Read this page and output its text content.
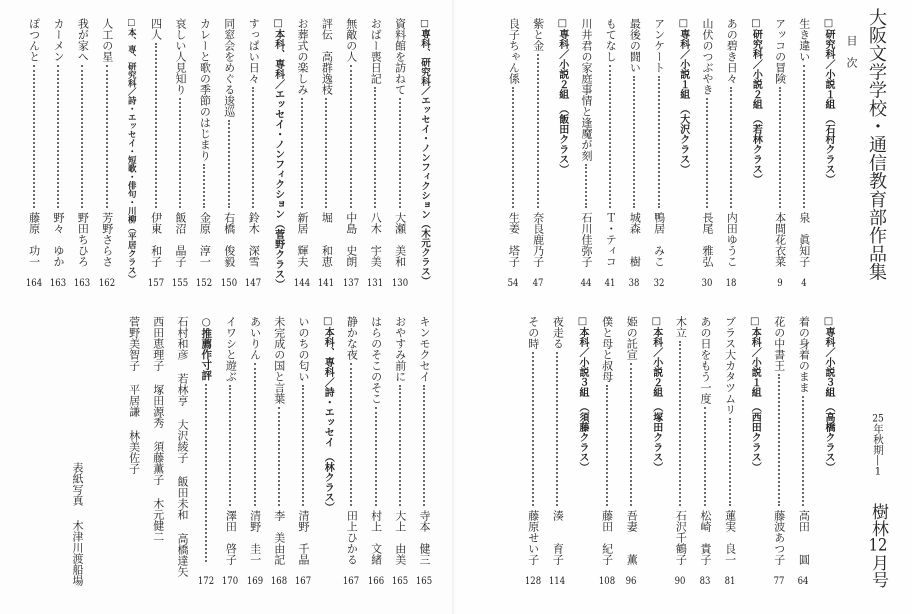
大阪文学学校・通信教育部作品集
目　次
25年秋期―1
樹林12月号
表紙写真木津川渡船場
□研究科／小説１組　（石村クラス）
生き違い
泉　眞知子
4
アッコの冒険
本間花衣菜
9
□研究科／小説２組　（若林クラス）
あの碧き日々
内田ゆうこ
18
山伏のつぶやき
長尾　雅弘
30
□専科／小説１組　（大沢クラス）
アンケート
鴨居　みこ
32
最後の闘い
城森　　樹
38
もてなし
Ｔ・ティコ
41
川井君の家庭事情と逢魔が刻
石川佳弥子
44
□専科／小説２組　（飯田クラス）
紫と金
奈良鹿乃子
47
良子ちゃん係
生姜　塔子
54
□専科／小説３組　（高橋クラス）
着の身着のまま
高田　　圓
64
花の中書王
藤波あつ子
77
□本科／小説１組　（西田クラス）
ブラス大カタツムリ
蓮実　良一
81
あの日をもう一度
松崎　貴子
83
木立
石沢千鶴子
90
□本科／小説２組　（塚田クラス）
姫の託宣
吾妻　　薫
96
僕と母と叔母
藤田　紀子
108
□本科／小説３組　（須藤クラス）
夜走る
湊　　育子
114
その時
藤原せい子
128
□専科、研究科／エッセイ・ノンフィクション（木元クラス）
資料館を訪ねて
大瀬　美和
130
おばー喪日記
八木　宇美
131
無敵の人
中島　史朗
137
評伝　高群逸枝
堀　　和恵
141
お葬式の楽しみ
新居　輝夫
144
□本科、専科／エッセイ・ノンフィクション（菅野クラス）
すっぱい日々
鈴木　深雪
147
同窓会をめぐる逡巡
右橋　俊毅
150
カレーと歌の季節のはじまり
金原　淳一
152
哀しい人見知り
飯沼　晶子
155
四人
伊東　和子
157
□本、専、研究科／詩・エッセイ・短歌・俳句・川柳（平居クラス）
人工の星
芳野さらさ
162
我が家へ
野田ちひろ
163
カーメン
野々　ゆか
163
ぽつんと
藤原　功一
164
キンモクセイ
寺本　健三
165
おやすみ前に
大上　由美
165
はらのそこのそこ
村上　文緒
166
静かな夜
田上ひかる
167
□本科、専科／詩・エッセイ　（林クラス）
いのちの匂い
清野　千晶
167
未完成の国と言葉
李　美由記
168
あいりん
清野　圭一
169
イワシと遊ぶ
澤田　啓子
170
○推薦作寸評
172
石村和彦
若林亨
大沢綾子
飯田未和
高橋達矢
西田恵理子
塚田源秀
須藤薫子
木元健二
菅野美智子
平居謙
林美佐子
